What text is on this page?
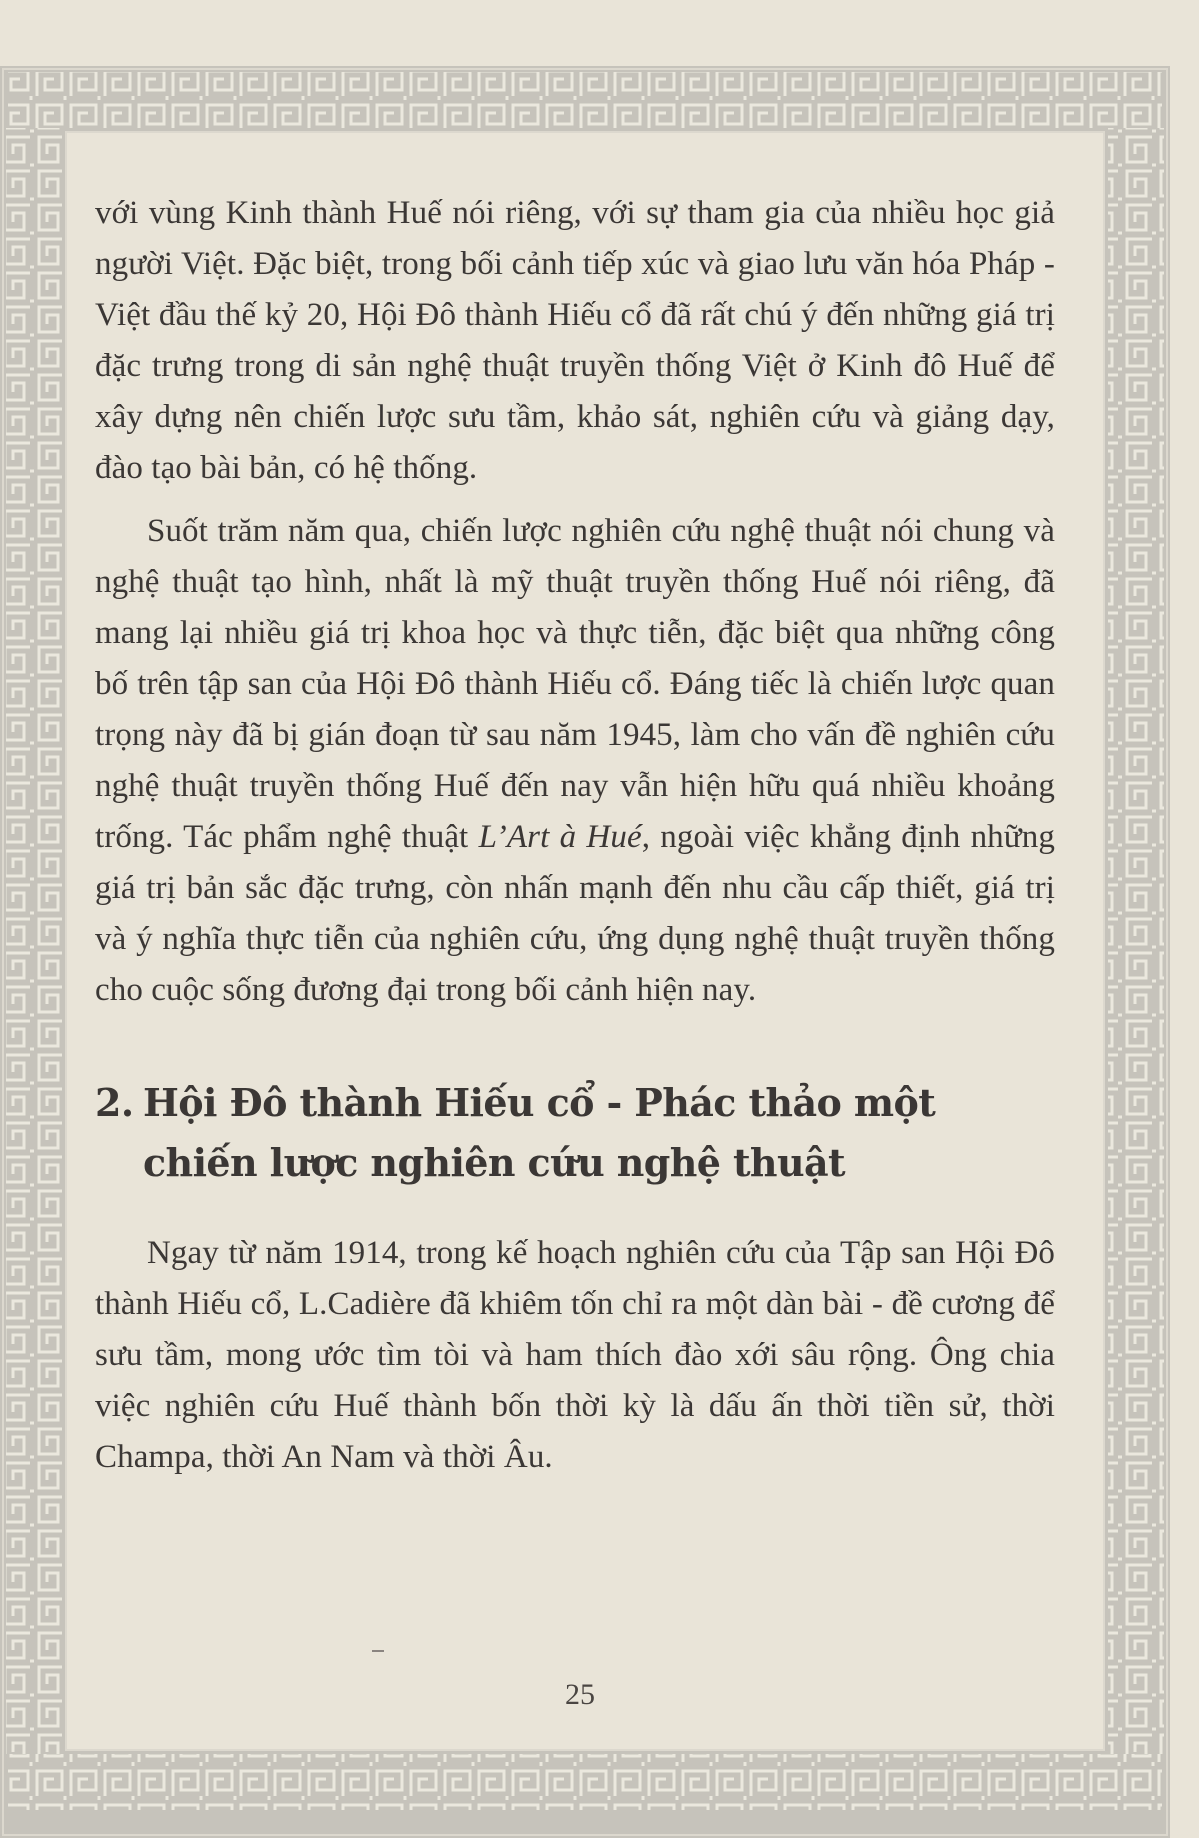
với vùng Kinh thành Huế nói riêng, với sự tham gia của nhiều học giả người Việt. Đặc biệt, trong bối cảnh tiếp xúc và giao lưu văn hóa Pháp - Việt đầu thế kỷ 20, Hội Đô thành Hiếu cổ đã rất chú ý đến những giá trị đặc trưng trong di sản nghệ thuật truyền thống Việt ở Kinh đô Huế để xây dựng nên chiến lược sưu tầm, khảo sát, nghiên cứu và giảng dạy, đào tạo bài bản, có hệ thống.

Suốt trăm năm qua, chiến lược nghiên cứu nghệ thuật nói chung và nghệ thuật tạo hình, nhất là mỹ thuật truyền thống Huế nói riêng, đã mang lại nhiều giá trị khoa học và thực tiễn, đặc biệt qua những công bố trên tập san của Hội Đô thành Hiếu cổ. Đáng tiếc là chiến lược quan trọng này đã bị gián đoạn từ sau năm 1945, làm cho vấn đề nghiên cứu nghệ thuật truyền thống Huế đến nay vẫn hiện hữu quá nhiều khoảng trống. Tác phẩm nghệ thuật L’Art à Hué, ngoài việc khẳng định những giá trị bản sắc đặc trưng, còn nhấn mạnh đến nhu cầu cấp thiết, giá trị và ý nghĩa thực tiễn của nghiên cứu, ứng dụng nghệ thuật truyền thống cho cuộc sống đương đại trong bối cảnh hiện nay.

2. Hội Đô thành Hiếu cổ - Phác thảo một chiến lược nghiên cứu nghệ thuật

Ngay từ năm 1914, trong kế hoạch nghiên cứu của Tập san Hội Đô thành Hiếu cổ, L.Cadière đã khiêm tốn chỉ ra một dàn bài - đề cương để sưu tầm, mong ước tìm tòi và ham thích đào xới sâu rộng. Ông chia việc nghiên cứu Huế thành bốn thời kỳ là dấu ấn thời tiền sử, thời Champa, thời An Nam và thời Âu.

25
